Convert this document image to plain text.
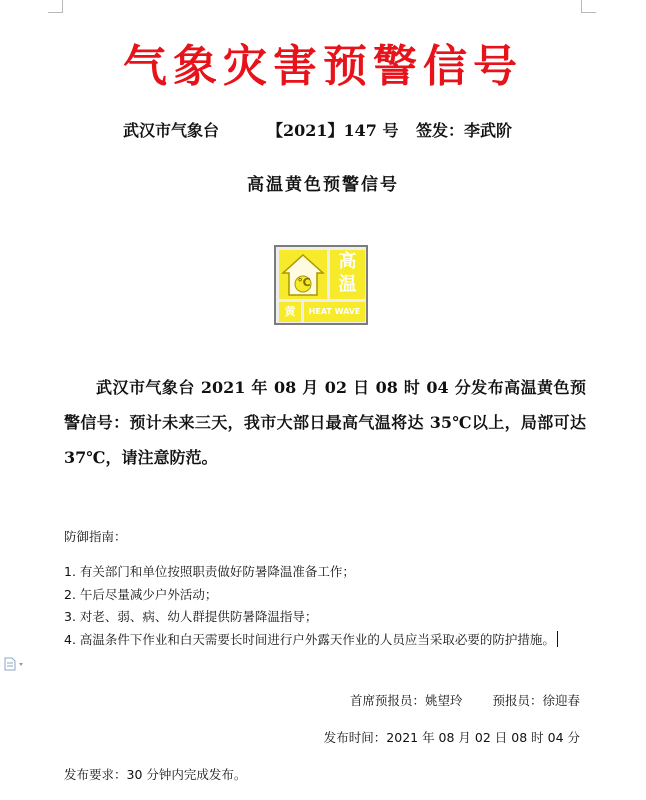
气象灾害预警信号
武汉市气象台	【2021】147 号 签发：李武阶
高温黄色预警信号
℃
高
温
黄	HEAT WAVE
武汉市气象台 2021 年 08 月 02 日 08 时 04 分发布高温黄色预警信号：预计未来三天，我市大部日最高气温将达 35℃以上，局部可达 37℃，请注意防范。
防御指南：
1. 有关部门和单位按照职责做好防暑降温准备工作；
2. 午后尽量减少户外活动；
3. 对老、弱、病、幼人群提供防暑降温指导；
4. 高温条件下作业和白天需要长时间进行户外露天作业的人员应当采取必要的防护措施。
首席预报员：姚望玲 预报员：徐迎春
发布时间：2021 年 08 月 02 日 08 时 04 分
发布要求：30 分钟内完成发布。
